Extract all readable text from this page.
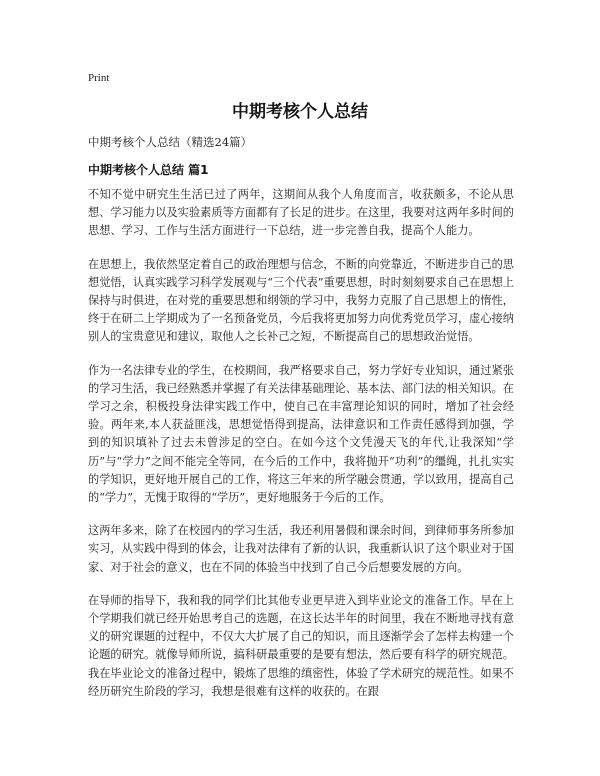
Print
中期考核个人总结

中期考核个人总结（精选24篇）

中期考核个人总结 篇1

不知不觉中研究生生活已过了两年，这期间从我个人角度而言，收获颇多，不论从思想、学习能力以及实验素质等方面都有了长足的进步。在这里，我要对这两年多时间的思想、学习、工作与生活方面进行一下总结，进一步完善自我，提高个人能力。

在思想上，我依然坚定着自己的政治理想与信念，不断的向党靠近，不断进步自己的思想觉悟，认真实践学习科学发展观与“三个代表”重要思想，时时刻刻要求自己在思想上保持与时俱进，在对党的重要思想和纲领的学习中，我努力克服了自己思想上的惰性，终于在研二上学期成为了一名预备党员，今后我将更加努力向优秀党员学习，虚心接纳别人的宝贵意见和建议，取他人之长补己之短，不断提高自己的思想政治觉悟。

作为一名法律专业的学生，在校期间，我严格要求自己，努力学好专业知识，通过紧张的学习生活，我已经熟悉并掌握了有关法律基础理论、基本法、部门法的相关知识。在学习之余，积极投身法律实践工作中，使自己在丰富理论知识的同时，增加了社会经验。两年来,本人获益匪浅，思想觉悟得到提高，法律意识和工作责任感得到加强，学到的知识填补了过去未曾涉足的空白。在如今这个文凭漫天飞的年代,让我深知“学历”与“学力”之间不能完全等同，在今后的工作中，我将抛开“功利”的缰绳，扎扎实实的学知识，更好地开展自己的工作，将这三年来的所学融会贯通，学以致用，提高自己的“学力”，无愧于取得的“学历”，更好地服务于今后的工作。

这两年多来，除了在校园内的学习生活，我还利用暑假和课余时间，到律师事务所参加实习，从实践中得到的体会，让我对法律有了新的认识，我重新认识了这个职业对于国家、对于社会的意义，也在不同的体验当中找到了自己今后想要发展的方向。

在导师的指导下，我和我的同学们比其他专业更早进入到毕业论文的准备工作。早在上个学期我们就已经开始思考自己的选题，在这长达半年的时间里，我在不断地寻找有意义的研究课题的过程中，不仅大大扩展了自己的知识，而且逐渐学会了怎样去构建一个论题的研究。就像导师所说，搞科研最重要的是要有想法，然后要有科学的研究规范。我在毕业论文的准备过程中，锻炼了思维的缜密性，体验了学术研究的规范性。如果不经历研究生阶段的学习，我想是很难有这样的收获的。在跟
